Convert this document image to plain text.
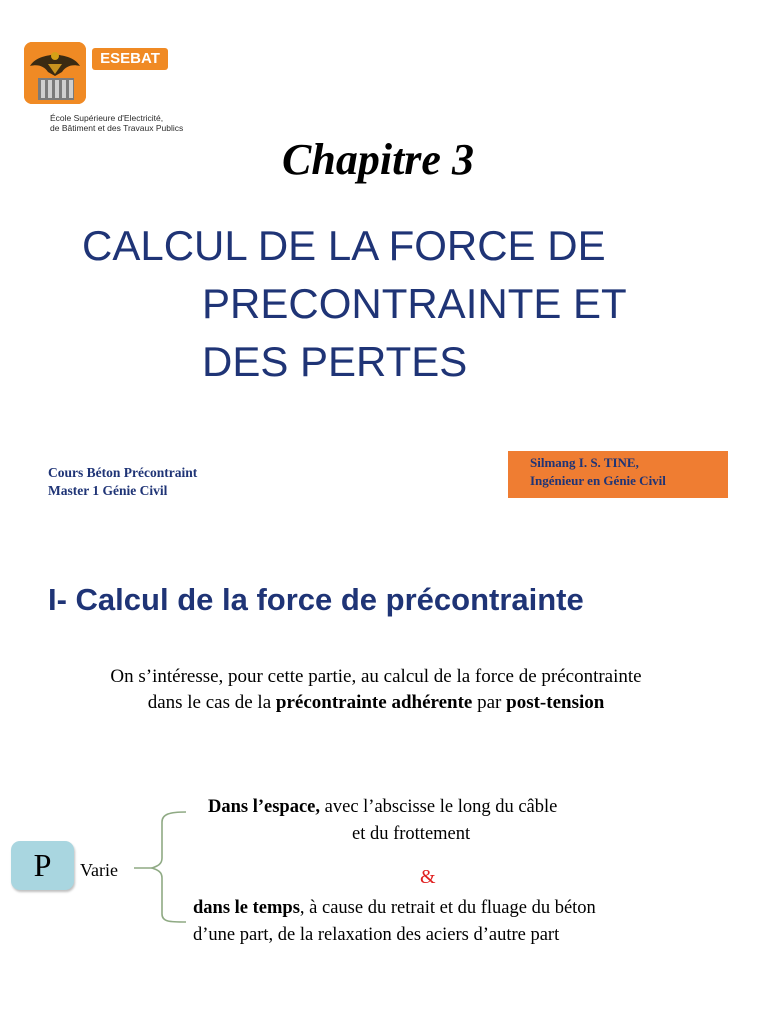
ESEBAT
École Supérieure d'Electricité,
de Bâtiment et des Travaux Publics
Chapitre 3
CALCUL DE LA FORCE DE
PRECONTRAINTE ET
DES PERTES
Cours Béton Précontraint
Master 1 Génie Civil
Silmang I. S. TINE,
Ingénieur en Génie Civil
I- Calcul de la force de précontrainte
On s’intéresse, pour cette partie, au calcul de la force de précontrainte
dans le cas de la précontrainte adhérente par post-tension
P	Varie
Dans l’espace, avec l’abscisse le long du câble
et du frottement
&
dans le temps, à cause du retrait et du fluage du béton
d’une part, de la relaxation des aciers d’autre part
